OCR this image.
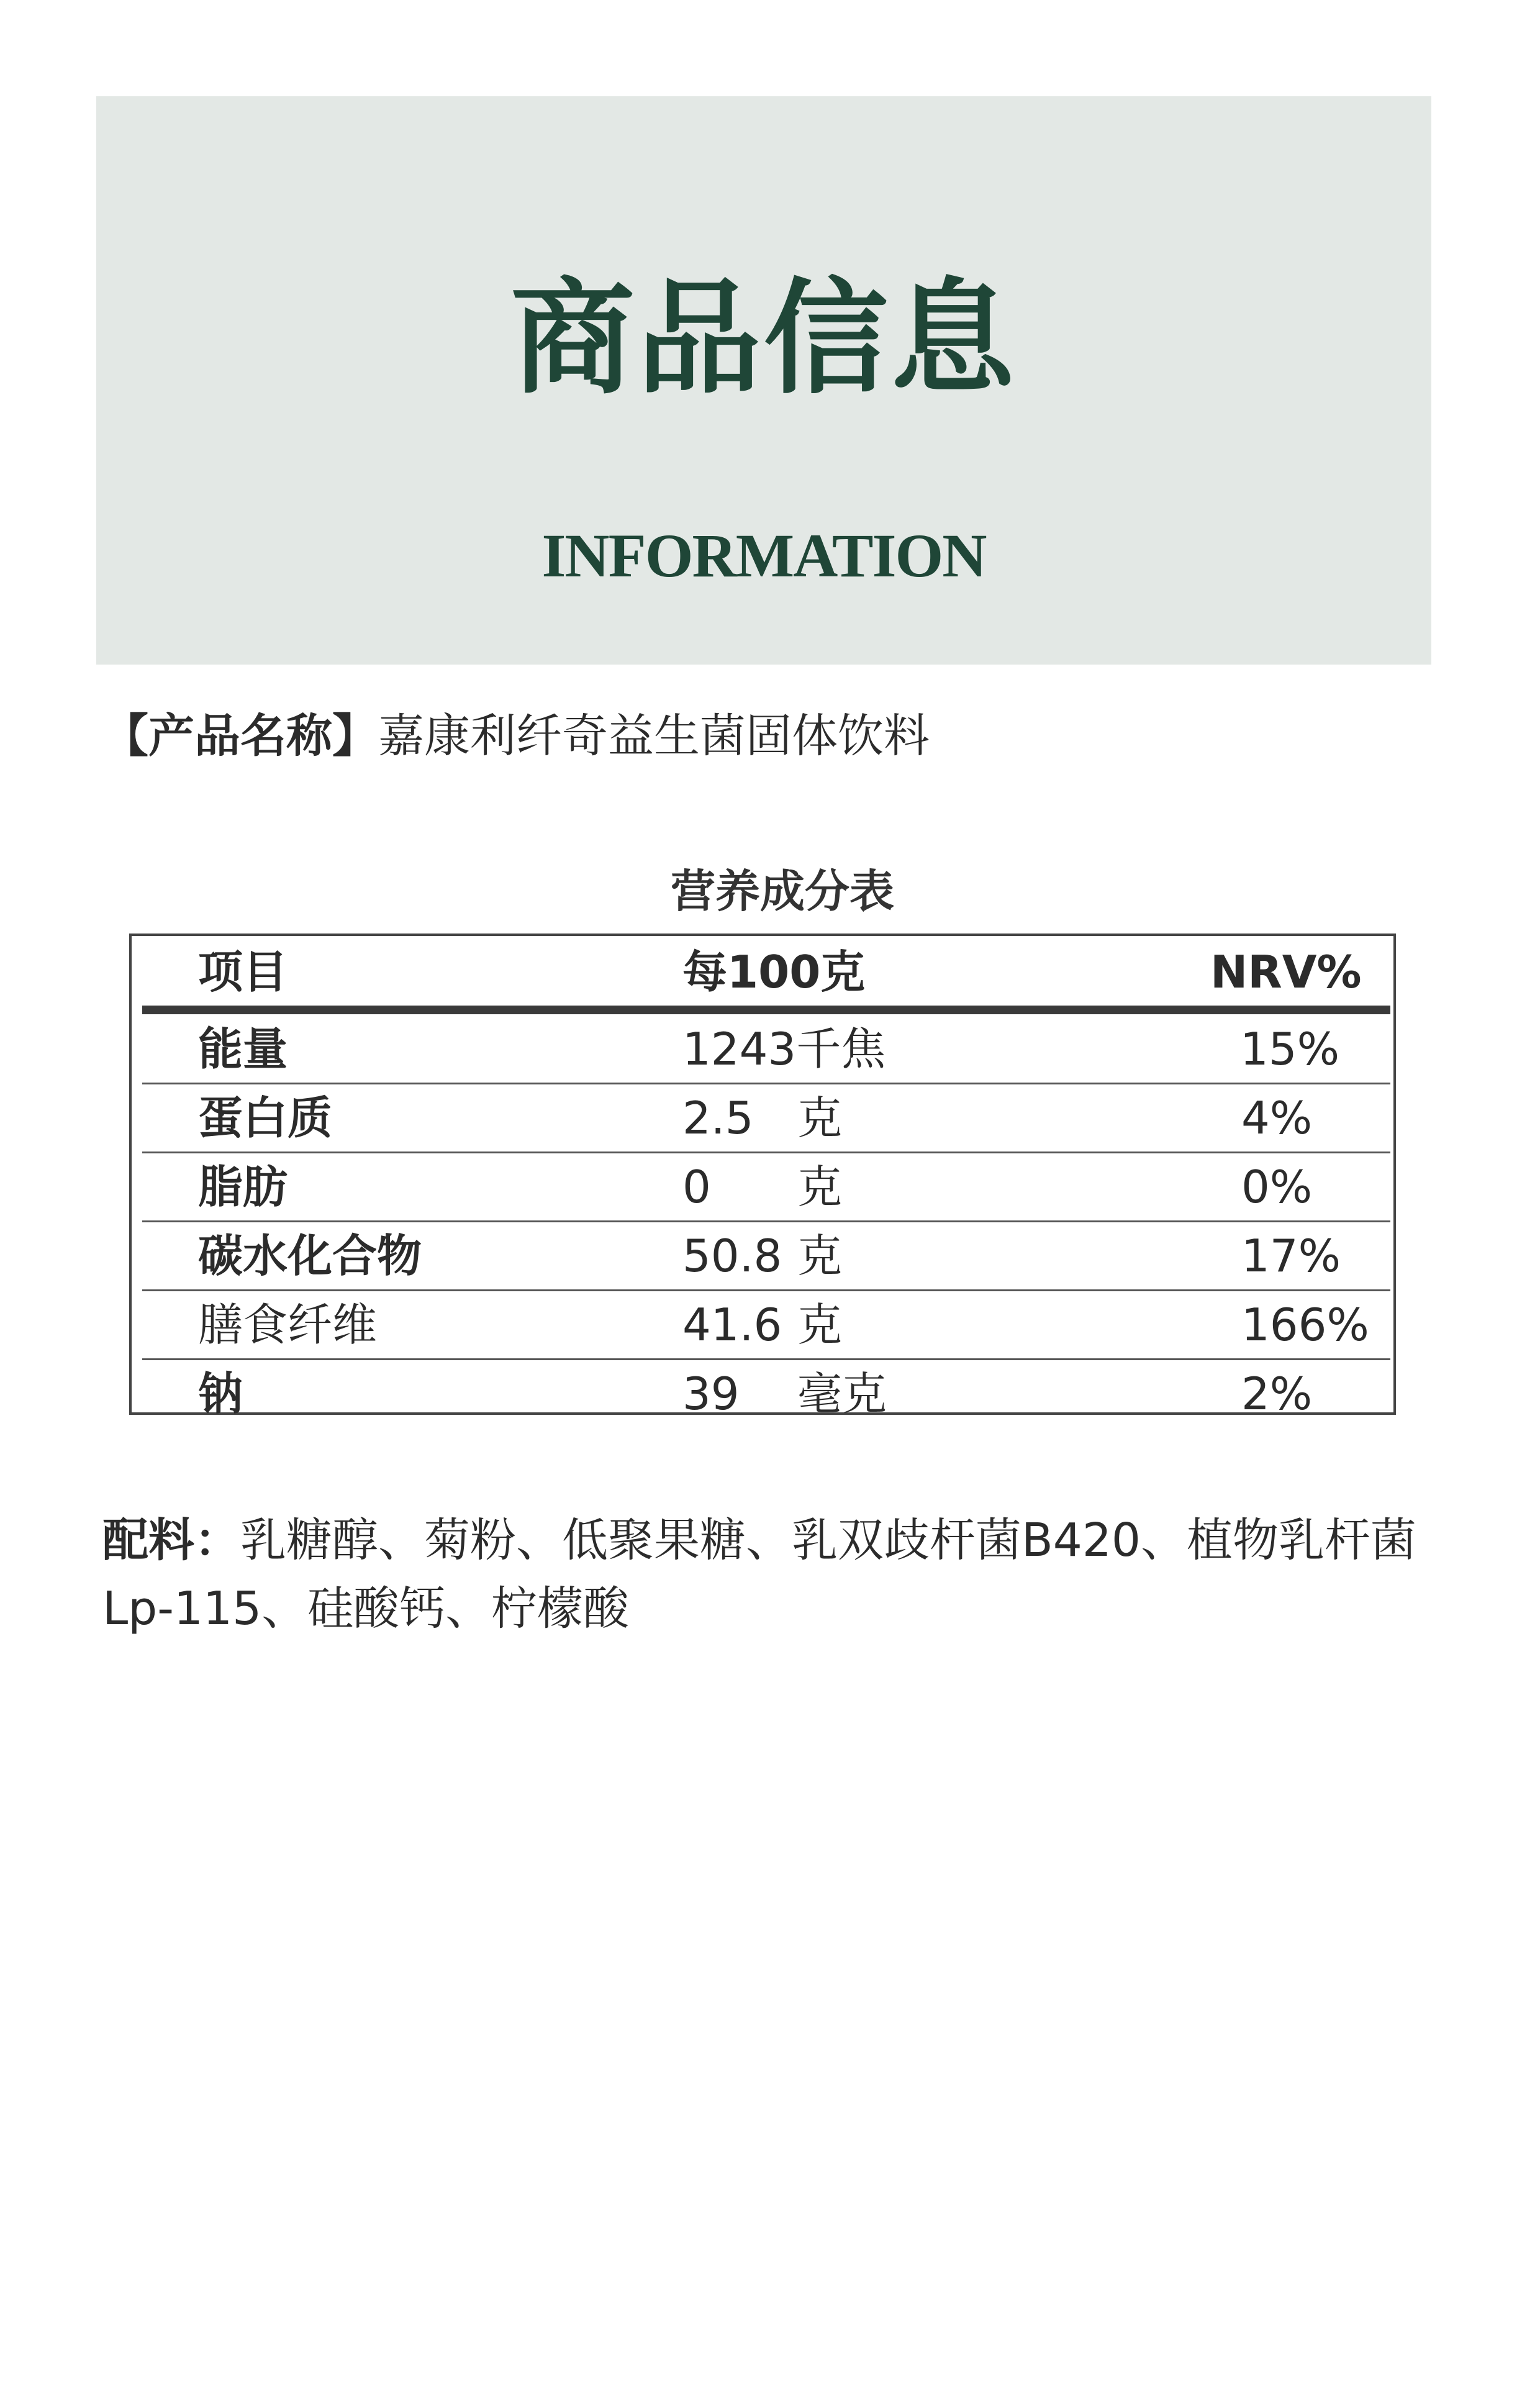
商品信息
INFORMATION
【产品名称】嘉康利纤奇益生菌固体饮料
营养成分表
项目	每100克	NRV%
能量	1243千焦	15%
蛋白质	2.5 克	4%
脂肪	0 克	0%
碳水化合物	50.8 克	17%
膳食纤维	41.6 克	166%
钠	39 毫克	2%
配料：乳糖醇、菊粉、低聚果糖、乳双歧杆菌B420、植物乳杆菌Lp-115、硅酸钙、柠檬酸
